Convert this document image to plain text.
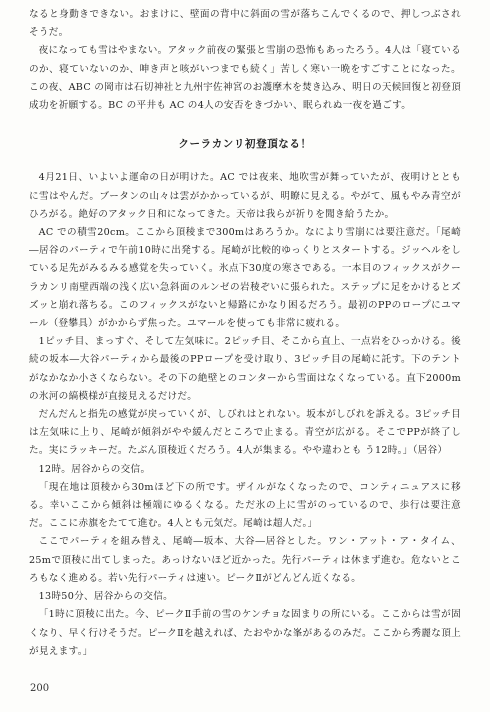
なると身動きできない。おまけに、壁面の背中に斜面の雪が落ちこんでくるので、押しつぶされそうだ。

夜になっても雪はやまない。アタック前夜の緊張と雪崩の恐怖もあったろう。4人は「寝ているのか、寝ていないのか、呻き声と咳がいつまでも続く」苦しく寒い一晩をすごすことになった。この夜、ABC の岡市は石切神社と九州宇佐神宮のお護摩木を焚き込み、明日の天候回復と初登頂成功を祈願する。BC の平井も AC の4人の安否をきづかい、眠られぬ一夜を過ごす。

クーラカンリ初登頂なる！

4月21日、いよいよ運命の日が明けた。AC では夜来、地吹雪が舞っていたが、夜明けとともに雪はやんだ。ブータンの山々は雲がかかっているが、明瞭に見える。やがて、風もやみ青空がひろがる。絶好のアタック日和になってきた。天帝は我らが祈りを聞き給うたか。

AC での積雪20cm。ここから頂稜まで300mはあろうか。なにより雪崩には要注意だ。「尾崎―居谷のパーティで午前10時に出発する。尾崎が比較的ゆっくりとスタートする。ジッヘルをしている足先がみるみる感覚を失っていく。氷点下30度の寒さである。一本目のフィックスがクーラカンリ南壁西端の浅く広い急斜面のルンゼの岩稜ぞいに張られた。ステップに足をかけるとズズッと崩れ落ちる。このフィックスがないと帰路にかなり困るだろう。最初のPPのロープにユマール（登攀具）がかからず焦った。ユマールを使っても非常に疲れる。

1ピッチ目、まっすぐ、そして左気味に。2ピッチ目、そこから直上、一点岩をひっかける。後続の坂本―大谷パーティから最後のPPロープを受け取り、3ピッチ目の尾崎に託す。下のテントがなかなか小さくならない。その下の絶壁とのコンターから雪面はなくなっている。直下2000mの氷河の縞模様が直接見えるだけだ。

だんだんと指先の感覚が戻っていくが、しびれはとれない。坂本がしびれを訴える。3ピッチ目は左気味に上り、尾崎が傾斜がやや緩んだところで止まる。青空が広がる。そこでPPが終了した。実にラッキーだ。たぶん頂稜近くだろう。4人が集まる。やや違わとも う12時。」（居谷）

12時。居谷からの交信。

「現在地は頂稜から30mほど下の所です。ザイルがなくなったので、コンティニュアスに移る。幸いここから傾斜は極端にゆるくなる。ただ氷の上に雪がのっているので、歩行は要注意だ。ここに赤旗をたてて進む。4人とも元気だ。尾崎は超人だ。」

ここでパーティを組み替え、尾崎―坂本、大谷―居谷とした。ワン・アット・ア・タイム、25mで頂稜に出てしまった。あっけないほど近かった。先行パーティは休まず進む。危ないところもなく進める。若い先行パーティは速い。ピークⅡがどんどん近くなる。

13時50分、居谷からの交信。

「1時に頂稜に出た。今、ピークⅡ手前の雪のケンチョな固まりの所にいる。ここからは雪が固くなり、早く行けそうだ。ピークⅡを越えれば、たおやかな峯があるのみだ。ここから秀麗な頂上が見えます。」

200
